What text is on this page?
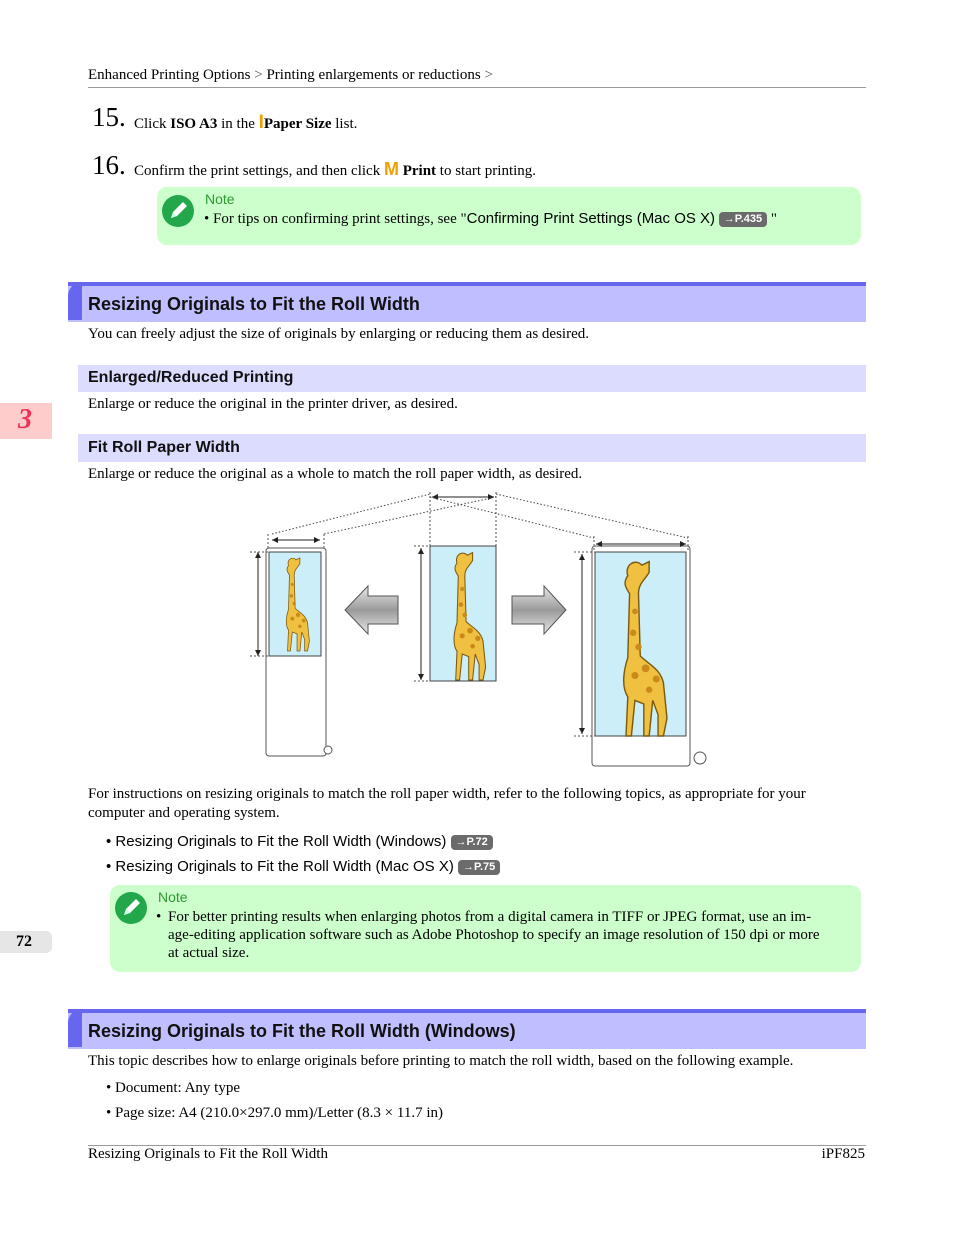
Enhanced Printing Options > Printing enlargements or reductions >
15. Click ISO A3 in the IPaper Size list.
16. Confirm the print settings, and then click M Print to start printing.
Note
• For tips on confirming print settings, see "Confirming Print Settings (Mac OS X) →P.435 "
Resizing Originals to Fit the Roll Width
You can freely adjust the size of originals by enlarging or reducing them as desired.
Enlarged/Reduced Printing
Enlarge or reduce the original in the printer driver, as desired.
Fit Roll Paper Width
Enlarge or reduce the original as a whole to match the roll paper width, as desired.
For instructions on resizing originals to match the roll paper width, refer to the following topics, as appropriate for your
computer and operating system.
• Resizing Originals to Fit the Roll Width (Windows) →P.72
• Resizing Originals to Fit the Roll Width (Mac OS X) →P.75
Note
• For better printing results when enlarging photos from a digital camera in TIFF or JPEG format, use an im-
age-editing application software such as Adobe Photoshop to specify an image resolution of 150 dpi or more
at actual size.
Resizing Originals to Fit the Roll Width (Windows)
This topic describes how to enlarge originals before printing to match the roll width, based on the following example.
• Document: Any type
• Page size: A4 (210.0×297.0 mm)/Letter (8.3 × 11.7 in)
3
72
Resizing Originals to Fit the Roll Width	iPF825
